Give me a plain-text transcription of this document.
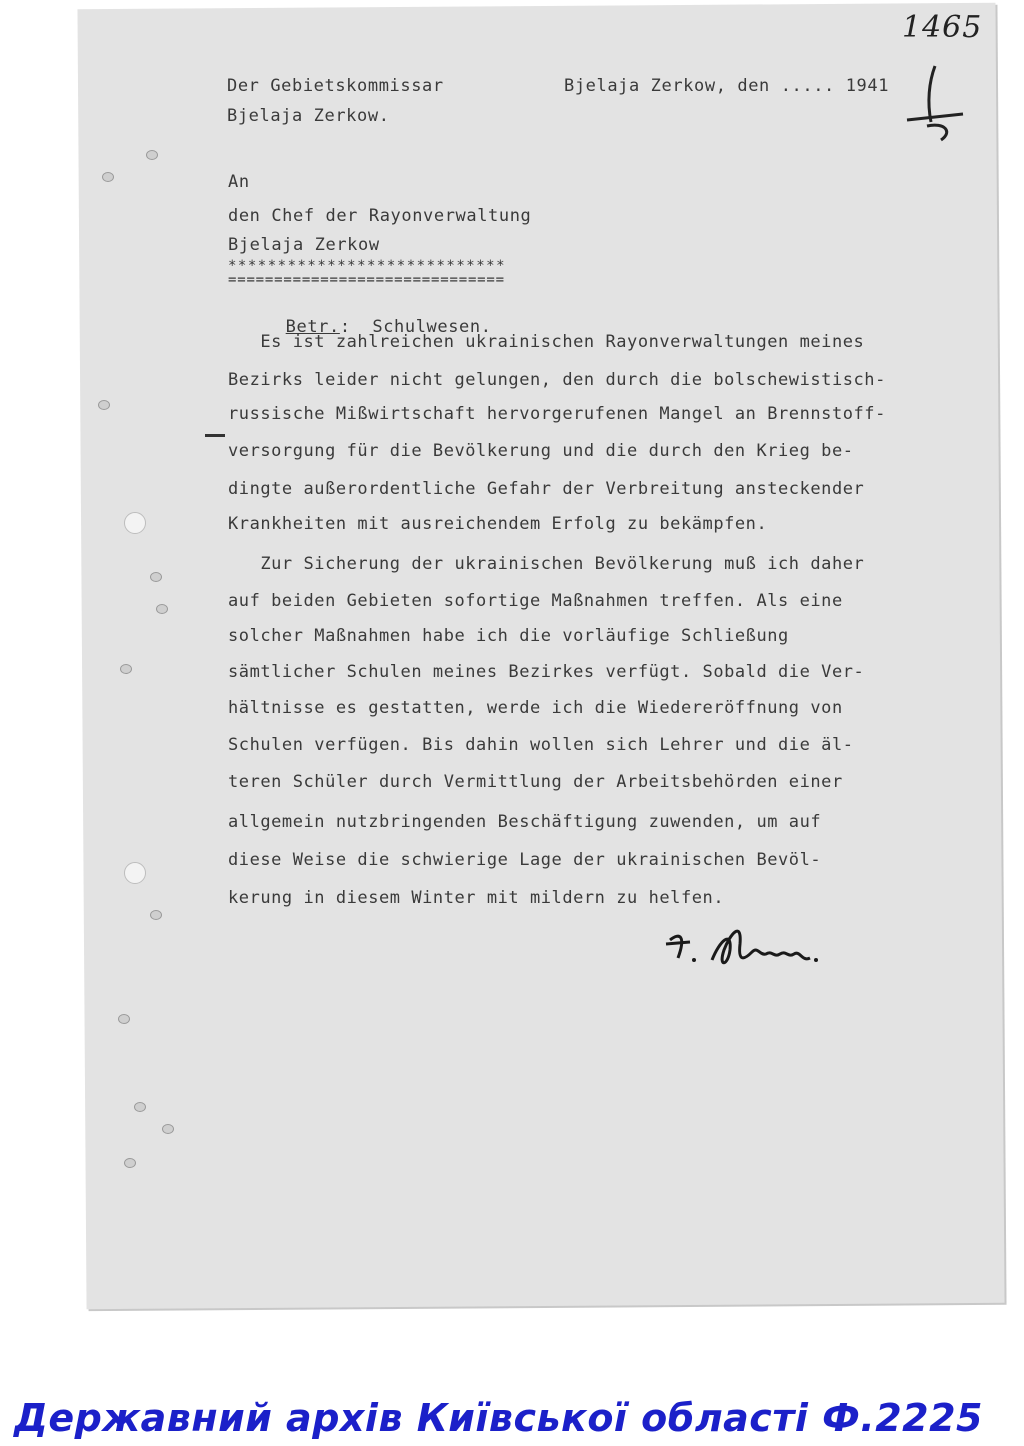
1465
Der Gebietskommissar
Bjelaja Zerkow.
Bjelaja Zerkow, den ..... 1941
An
den Chef der Rayonverwaltung
Bjelaja Zerkow
****************************
==============================

Betr.: Schulwesen.

Es ist zahlreichen ukrainischen Rayonverwaltungen meines
Bezirks leider nicht gelungen, den durch die bolschewistisch-
russische Mißwirtschaft hervorgerufenen Mangel an Brennstoff-
versorgung für die Bevölkerung und die durch den Krieg be-
dingte außerordentliche Gefahr der Verbreitung ansteckender
Krankheiten mit ausreichendem Erfolg zu bekämpfen.
Zur Sicherung der ukrainischen Bevölkerung muß ich daher
auf beiden Gebieten sofortige Maßnahmen treffen. Als eine
solcher Maßnahmen habe ich die vorläufige Schließung
sämtlicher Schulen meines Bezirkes verfügt. Sobald die Ver-
hältnisse es gestatten, werde ich die Wiedereröffnung von
Schulen verfügen. Bis dahin wollen sich Lehrer und die äl-
teren Schüler durch Vermittlung der Arbeitsbehörden einer
allgemein nutzbringenden Beschäftigung zuwenden, um auf
diese Weise die schwierige Lage der ukrainischen Bevöl-
kerung in diesem Winter mit mildern zu helfen.
Державний архів Київської області Ф.2225
